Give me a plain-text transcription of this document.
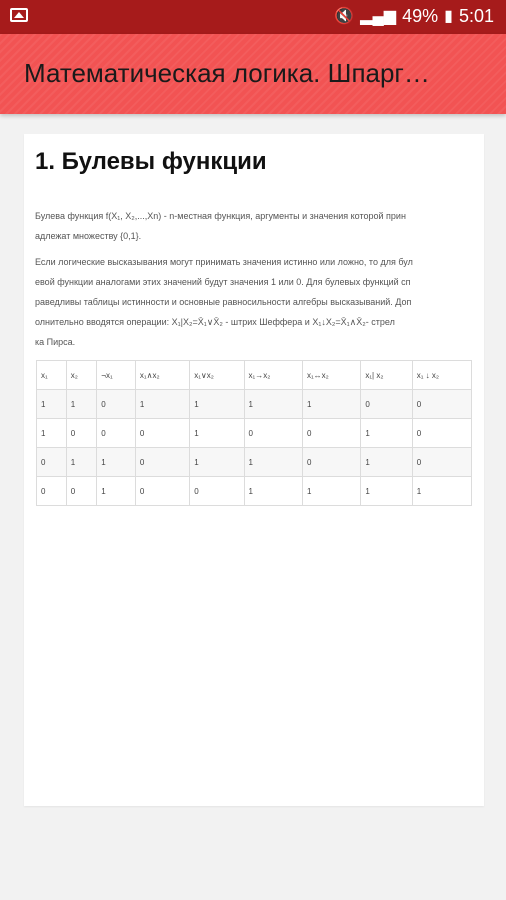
🔇 ▂▄▆ 49% ▮ 5:01
Математическая логика. Шпарг…
1. Булевы функции
Булева функция f(X₁, X₂,...,Xn) - n-местная функция, аргументы и значения которой прин
адлежат множеству {0,1}.
Если логические высказывания могут принимать значения истинно или ложно, то для бул
евой функции аналогами этих значений будут значения 1 или 0. Для булевых функций сп
раведливы таблицы истинности и основные равносильности алгебры высказываний. Доп
олнительно вводятся операции: X₁|X₂=X̄₁∨X̄₂ - штрих Шеффера и X₁↓X₂=X̄₁∧X̄₂- стрел
ка Пирса.
x₁	x₂	¬x₁	x₁∧x₂	x₁∨x₂	x₁→x₂	x₁↔x₂	x₁| x₂	x₁ ↓ x₂
1	1	0	1	1	1	1	0	0
1	0	0	0	1	0	0	1	0
0	1	1	0	1	1	0	1	0
0	0	1	0	0	1	1	1	1
